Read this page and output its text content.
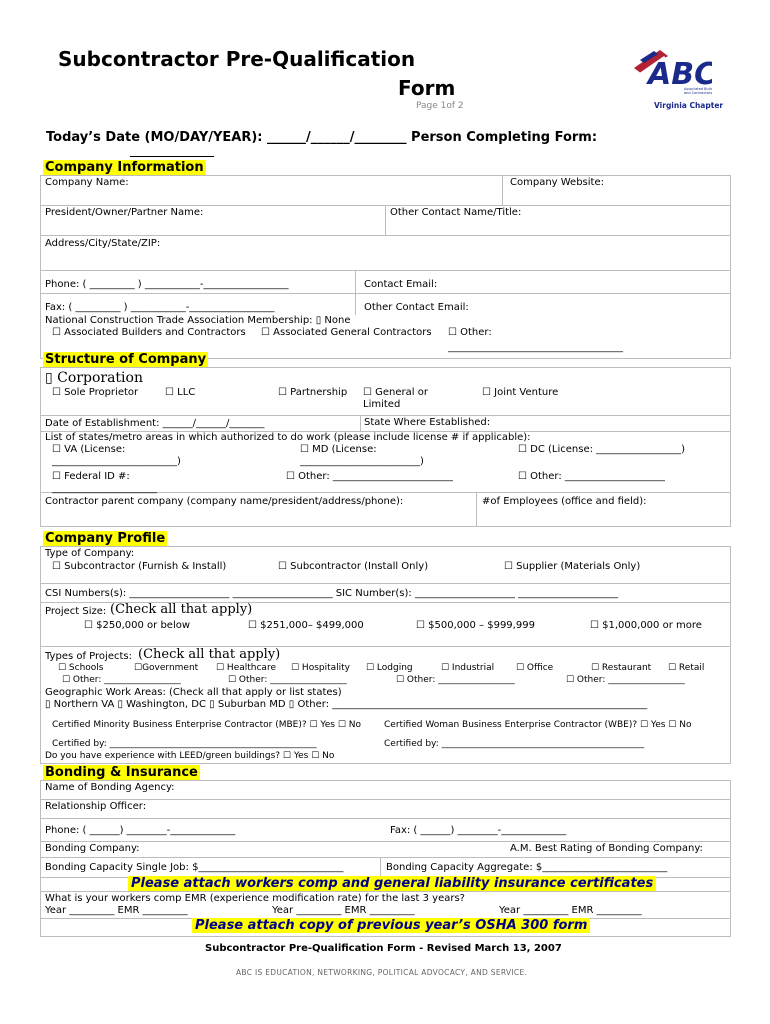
Subcontractor Pre-Qualification
Form
Page 1of 2
ABC
Associated Buil
and Contractors,
Virginia Chapter
Today’s Date (MO/DAY/YEAR): ______/______/________ Person Completing Form:
Company Information
Company Name:	Company Website:
President/Owner/Partner Name:	Other Contact Name/Title:
Address/City/State/ZIP:
Phone: ( _________ ) ___________-_________________	Contact Email:
Fax: ( _________ ) ___________-_________________	Other Contact Email:
National Construction Trade Association Membership: ▯ None
☐ Associated Builders and Contractors ☐ Associated General Contractors ☐ Other:
___________________________________
Structure of Company
▯ Corporation
☐ Sole Proprietor	☐ LLC	☐ Partnership ☐ General or
Limited
☐ Joint Venture
Date of Establishment: ______/______/_______	State Where Established:
List of states/metro areas in which authorized to do work (please include license # if applicable):
☐ VA (License:	☐ MD (License:	☐ DC (License: _________________)
_________________________)	________________________)
☐ Federal ID #:	☐ Other: ________________________	☐ Other: ____________________
_____________________
Contractor parent company (company name/president/address/phone):	#of Employees (office and field):
Company Profile
Type of Company:
☐ Subcontractor (Furnish & Install)	☐ Subcontractor (Install Only)	☐ Supplier (Materials Only)
CSI Numbers(s): ____________________ ____________________ SIC Number(s): ____________________ ____________________
Project Size: (Check all that apply)
☐ $250,000 or below	☐ $251,000– $499,000	☐ $500,000 – $999,999	☐ $1,000,000 or more
Types of Projects: (Check all that apply)
☐ Schools	☐Government ☐ Healthcare ☐ Hospitality ☐ Lodging	☐ Industrial ☐ Office	☐ Restaurant ☐ Retail
☐ Other: _________________	☐ Other: _________________	☐ Other: _________________	☐ Other: _________________
Geographic Work Areas: (Check all that apply or list states)
▯ Northern VA ▯ Washington, DC ▯ Suburban MD ▯ Other: _______________________________________________________________
Certified Minority Business Enterprise Contractor (MBE)? ☐ Yes ☐ No	Certified Woman Business Enterprise Contractor (WBE)? ☐ Yes ☐ No
Certified by: ______________________________________________	Certified by: _____________________________________________
Do you have experience with LEED/green buildings? ☐ Yes ☐ No
Bonding & Insurance
Name of Bonding Agency:
Relationship Officer:
Phone: ( ______) ________-_____________	Fax: ( ______) ________-_____________
Bonding Company:	A.M. Best Rating of Bonding Company:
Bonding Capacity Single Job: $_____________________________	Bonding Capacity Aggregate: $_________________________
Please attach workers comp and general liability insurance certificates
What is your workers comp EMR (experience modification rate) for the last 3 years?
Year _________ EMR _________	Year _________ EMR _________	Year _________ EMR _________
Please attach copy of previous year’s OSHA 300 form
Subcontractor Pre-Qualification Form - Revised March 13, 2007
ABC IS EDUCATION, NETWORKING, POLITICAL ADVOCACY, AND SERVICE.
